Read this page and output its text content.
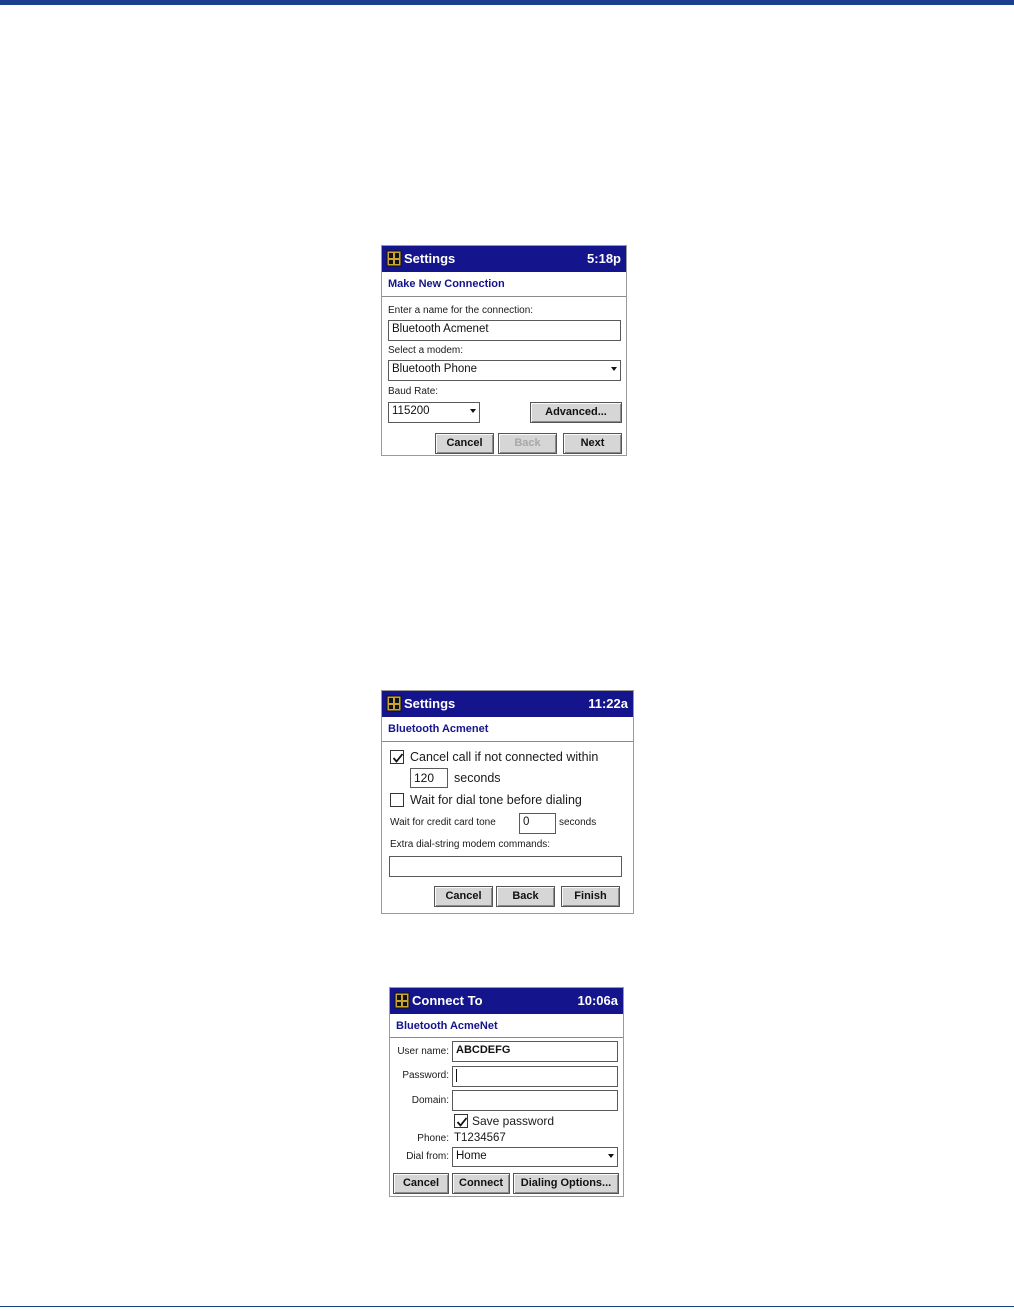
Settings	5:18p
Make New Connection
Enter a name for the connection:
Bluetooth Acmenet
Select a modem:
Bluetooth Phone
Baud Rate:
115200	Advanced...
Cancel	Back	Next
Settings	11:22a
Bluetooth Acmenet
Cancel call if not connected within
120	seconds
Wait for dial tone before dialing
Wait for credit card tone	0	seconds
Extra dial-string modem commands:
Cancel	Back	Finish
Connect To	10:06a
Bluetooth AcmeNet
User name: ABCDEFG
Password:
Domain:
Save password
Phone: T1234567
Dial from: Home
Cancel	Connect	Dialing Options...
